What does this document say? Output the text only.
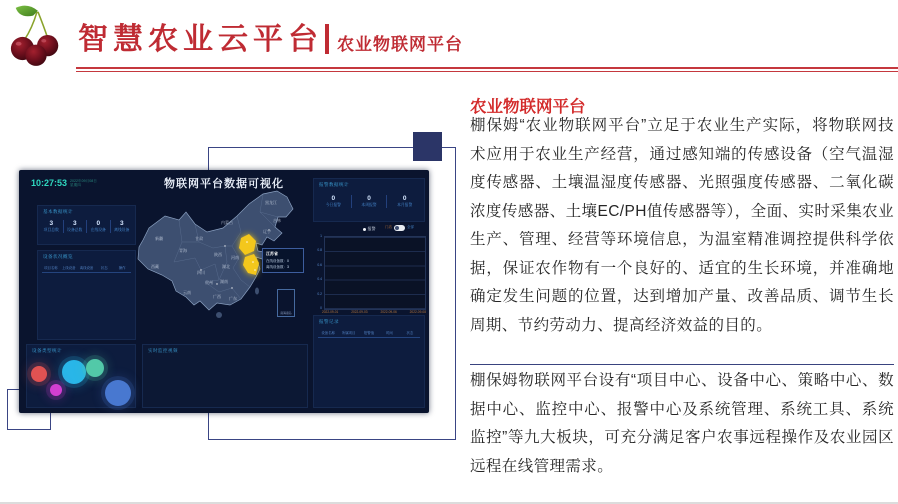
智慧农业云平台 农业物联网平台
物联网平台数据可视化
10:27:53 2022年09月08日
星期四
基本数据统计
3
项目总数
3
设备总数
0
在线设备
3
离线设备
设备状况概览
项目名称	上线设备	离线设备	状态	操作
设备类型统计	实时监控视频
报警数据统计
0
今日报警
0
本周报警
0
本月报警
报警	门店	全部
1
0.8
0.6
0.4
0.2
0
2022-09-01	2022-09-03	2022-09-06	2022-09-08
报警记录
设备名称	所属项目	报警值	时间	状态
新疆
西藏
青海
内蒙古
黑龙江
吉林
辽宁
甘肃
四川
云南
贵州
广西 广东
湖南
湖北
陕西
河南
江苏省
在线设备数：0
离线设备数：3
南海诸岛
农业物联网平台
棚保姆“农业物联网平台”立足于农业生产实际，将物联网技术应用于农业生产经营，通过感知端的传感设备（空气温湿度传感器、土壤温湿度传感器、光照强度传感器、二氧化碳浓度传感器、土壤EC/PH值传感器等），全面、实时采集农业生产、管理、经营等环境信息，为温室精准调控提供科学依据，保证农作物有一个良好的、适宜的生长环境，并准确地确定发生问题的位置，达到增加产量、改善品质、调节生长周期、节约劳动力、提高经济效益的目的。
棚保姆物联网平台设有“项目中心、设备中心、策略中心、数据中心、监控中心、报警中心及系统管理、系统工具、系统监控”等九大板块，可充分满足客户农事远程操作及农业园区远程在线管理需求。
